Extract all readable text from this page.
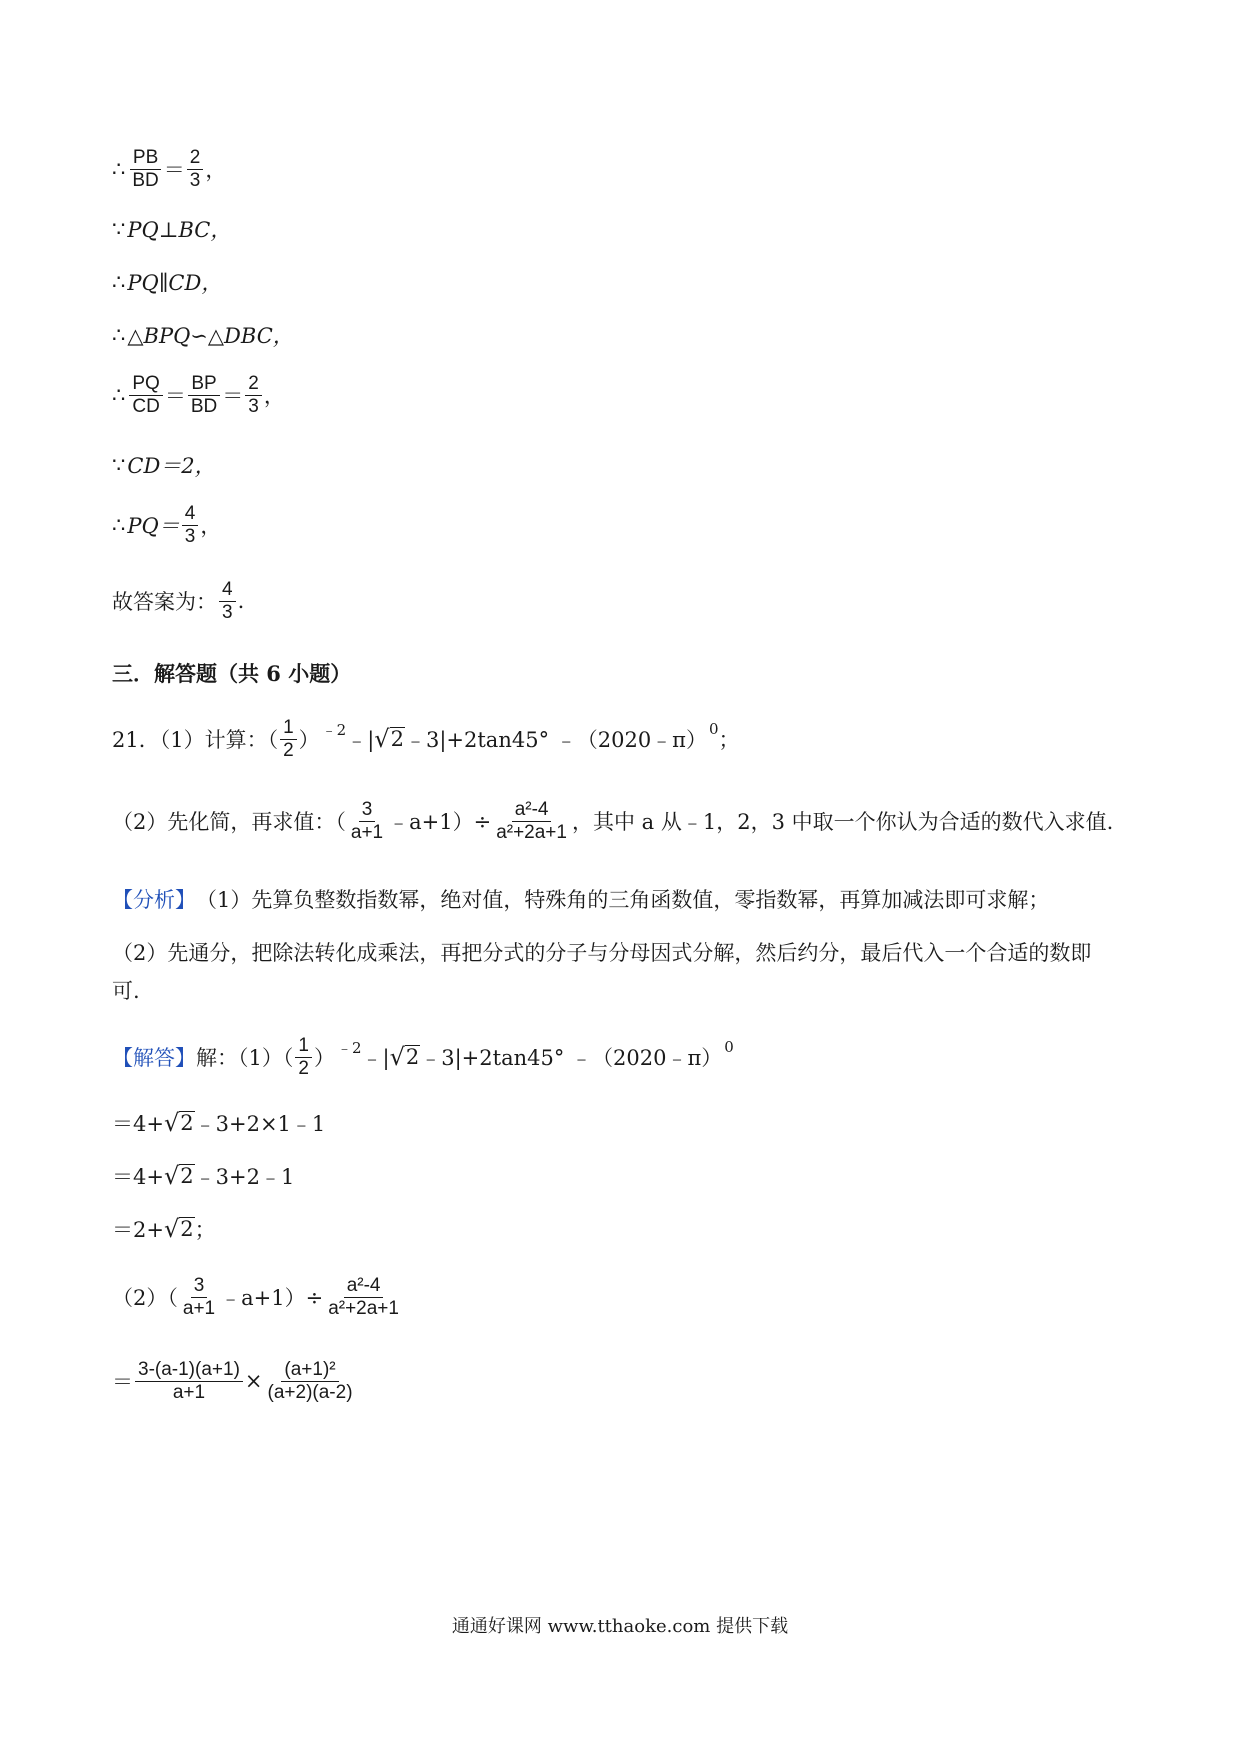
∴ $\frac{PB}{BD} = \frac{2}{3}$ ，
∵ PQ⊥BC，
∴ PQ∥CD，
∴ △BPQ∽△DBC，
∴ $\frac{PQ}{CD} = \frac{BP}{BD} = \frac{2}{3}$ ，
∵ CD＝2，
∴ $PQ= \frac{4}{3}$ ，
故答案为： $\frac{4}{3}$ .
三．解答题（共 6 小题）
21．（1）计算：（ $\frac{1}{2}$ ） ﹣2 ﹣| √ 2 ﹣3|+2tan45° ﹣（2020﹣π） 0 ；
（2）先化简，再求值：（ $\frac{3}{a+1}$ ﹣a+1）÷ $\frac{\text{a²-4}}{\text{a²+2a+1}}$ ，其中 a 从﹣1，2，3 中取一个你认为合适的数代入求值.
【分析】 （1）先算负整数指数幂，绝对值，特殊角的三角函数值，零指数幂，再算加减法即可求解；
（2）先通分，把除法转化成乘法，再把分式的分子与分母因式分解，然后约分，最后代入一个合适的数即
可.
【解答】 解：$(1)( \frac{1}{2}$ ） ﹣2 ﹣| √ 2 ﹣3|+2tan45° ﹣（2020﹣π） 0
＝4+ √ 2 ﹣3+2×1﹣1
＝4+ √ 2 ﹣3+2﹣1
＝2+ √ 2 ；
$(2)( \frac{3}{a+1}$ ﹣a+1）÷ $\frac{\text{a²-4}}{\text{a²+2a+1}}$
＝ $\frac{3-(a-1)(a+1)}{a+1} \times \frac{\text{(a+1)²}}{(a+2)(a-2)}$
通通好课网 www.tthaoke.com 提供下载
